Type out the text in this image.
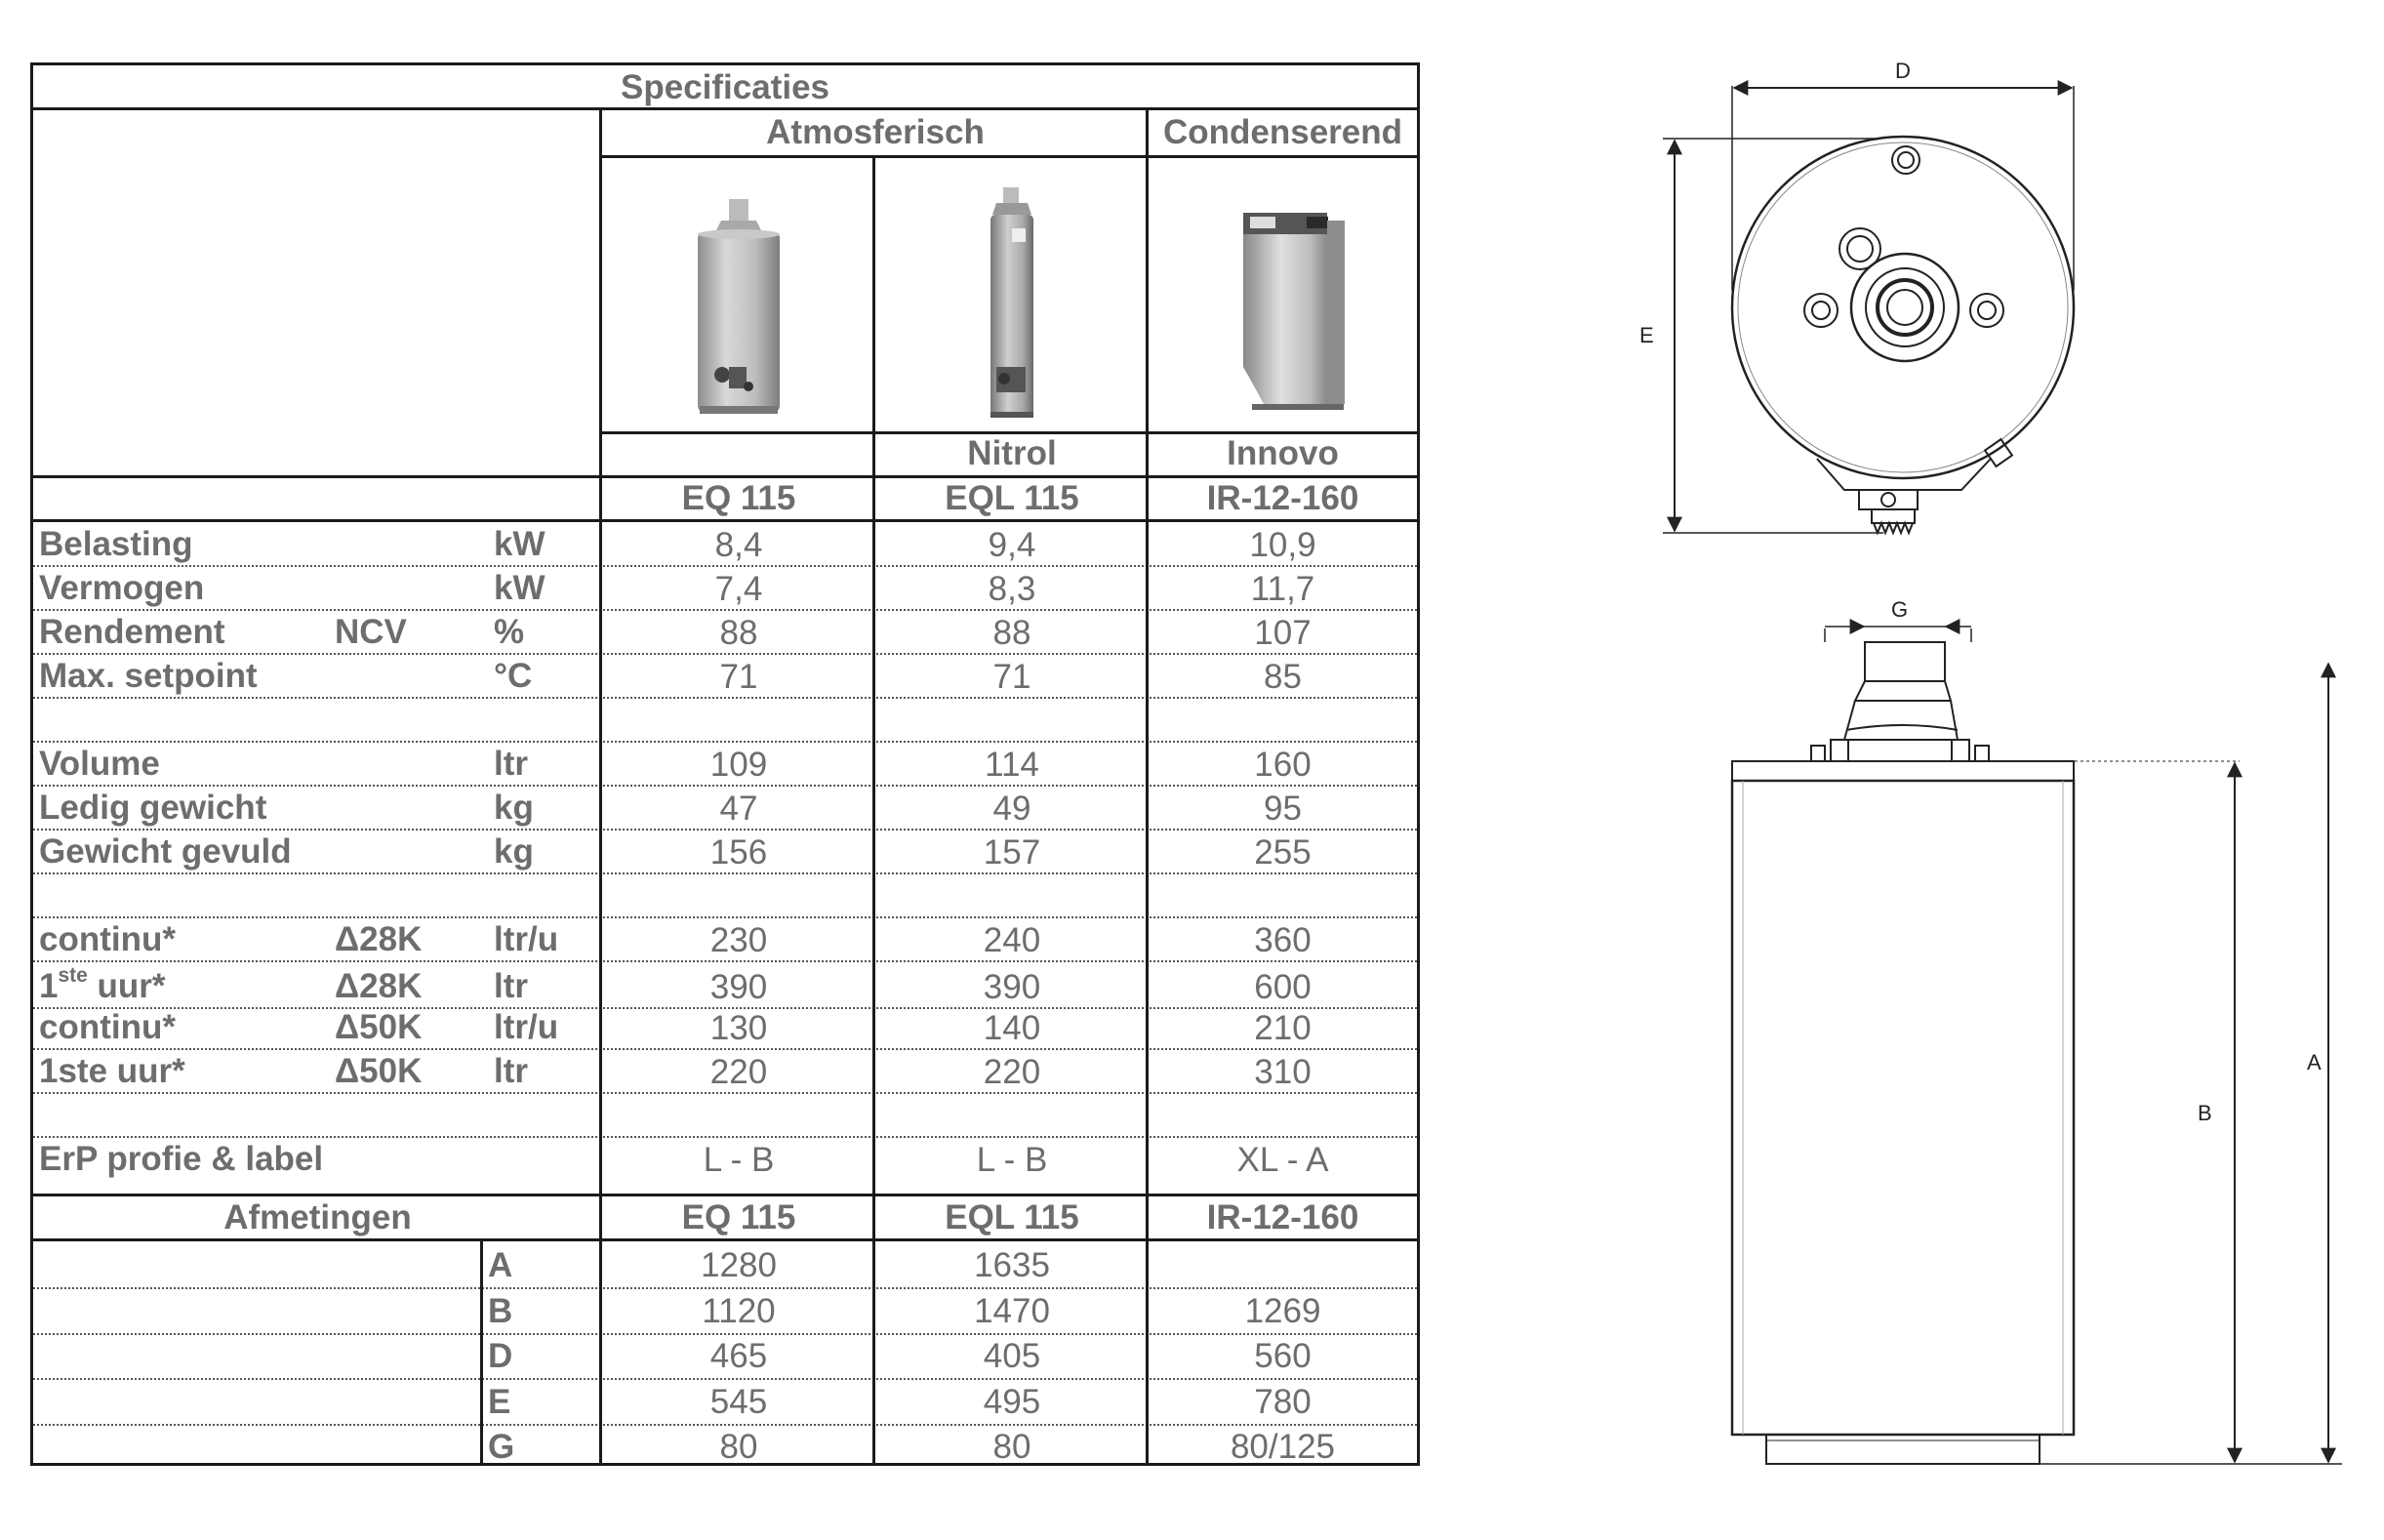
Specificaties
Atmosferisch	Condenserend
Nitrol	Innovo
EQ 115	EQL 115	IR-12-160
Belasting	kW	8,4	9,4	10,9
Vermogen	kW	7,4	8,3	11,7
Rendement	NCV	%	88	88	107
Max. setpoint	°C	71	71	85
Volume	ltr	109	114	160
Ledig gewicht	kg	47	49	95
Gewicht gevuld	kg	156	157	255
continu*	Δ28K	ltr/u	230	240	360
1ste uur*	Δ28K	ltr	390	390	600
continu*	Δ50K	ltr/u	130	140	210
1ste uur*	Δ50K	ltr	220	220	310
ErP profie & label	L - B	L - B	XL - A
Afmetingen	EQ 115	EQL 115	IR-12-160
A	1280	1635
B	1120	1470	1269
D	465	405	560
E	545	495	780
G	80	80	80/125
D
E
G
B
A
